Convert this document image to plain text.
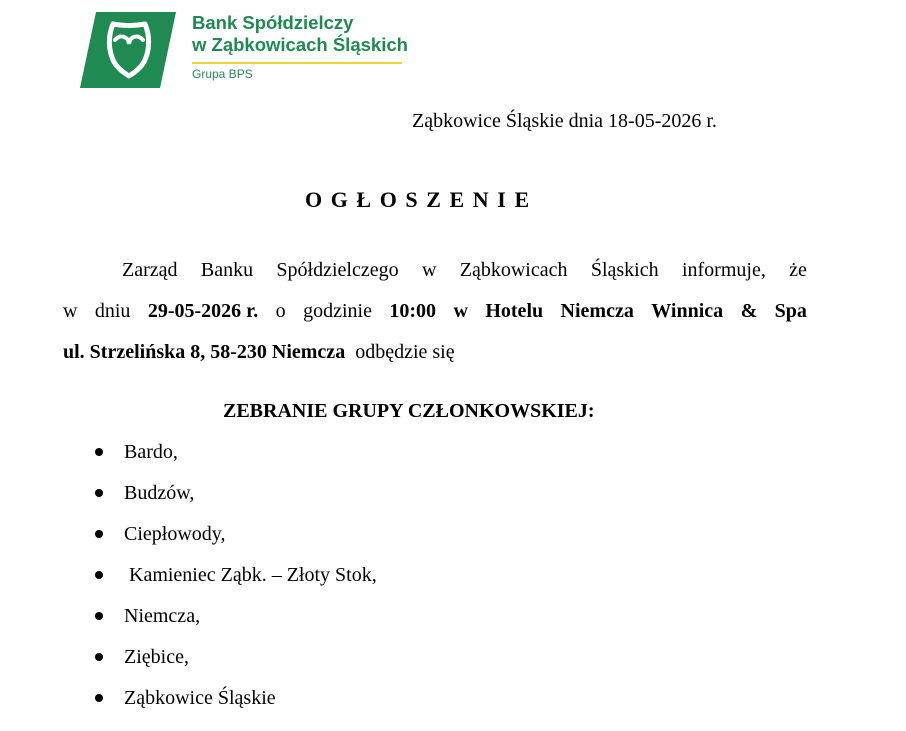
Bank Spółdzielczy
w Ząbkowicach Śląskich
Grupa BPS
Ząbkowice Śląskie dnia 18-05-2026 r.
OGŁOSZENIE
Zarząd Banku Spółdzielczego w Ząbkowicach Śląskich informuje, że
w dniu 29-05-2026 r. o godzinie 10:00 w Hotelu Niemcza Winnica & Spa
ul. Strzelińska 8, 58-230 Niemcza odbędzie się
ZEBRANIE GRUPY CZŁONKOWSKIEJ:
Bardo,
Budzów,
Ciepłowody,
Kamieniec Ząbk. – Złoty Stok,
Niemcza,
Ziębice,
Ząbkowice Śląskie
